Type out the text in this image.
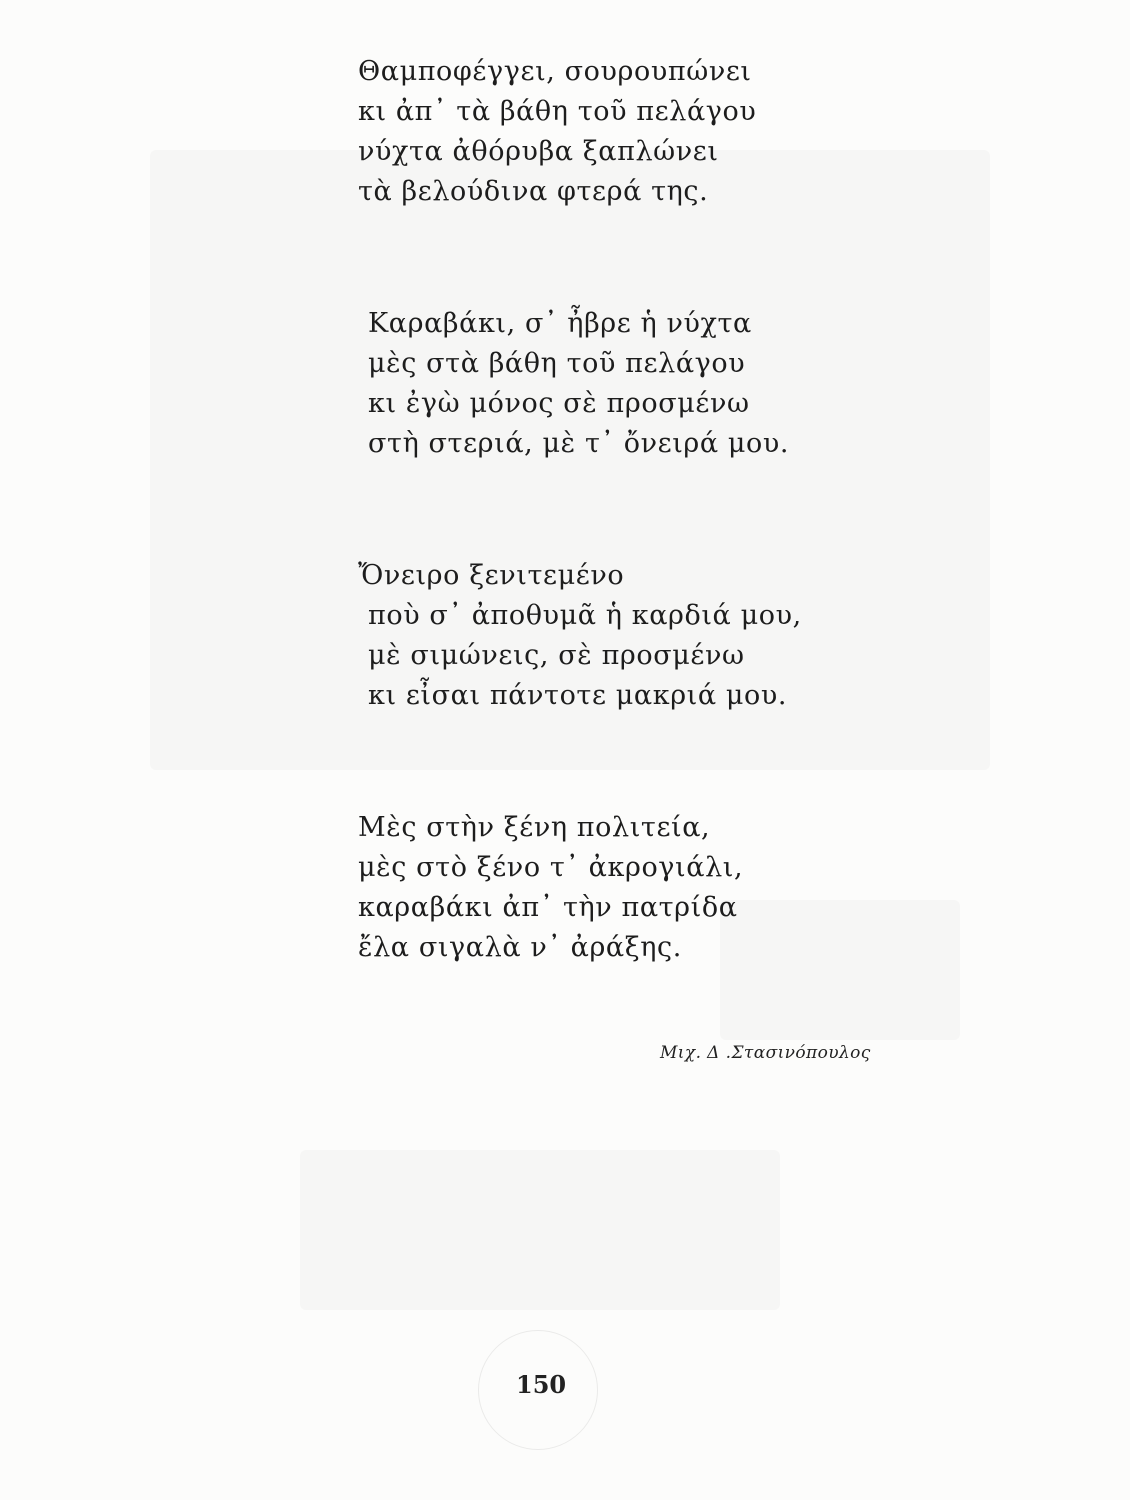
Θαμποφέγγει, σουρουπώνει
κι ἀπ᾽ τὰ βάθη τοῦ πελάγου
νύχτα ἀθόρυβα ξαπλώνει
τὰ βελούδινα φτερά της.

Καραβάκι, σ᾽ ἦβρε ἡ νύχτα
μὲς στὰ βάθη τοῦ πελάγου
κι ἐγὼ μόνος σὲ προσμένω
στὴ στεριά, μὲ τ᾽ ὄνειρά μου.

Ὄνειρο ξενιτεμένο
ποὺ σ᾽ ἀποθυμᾶ ἡ καρδιά μου,
μὲ σιμώνεις, σὲ προσμένω
κι εἶσαι πάντοτε μακριά μου.

Μὲς στὴν ξένη πολιτεία,
μὲς στὸ ξένο τ᾽ ἀκρογιάλι,
καραβάκι ἀπ᾽ τὴν πατρίδα
ἔλα σιγαλὰ ν᾽ ἀράξης.

Μιχ. Δ .Στασινόπουλος
150
